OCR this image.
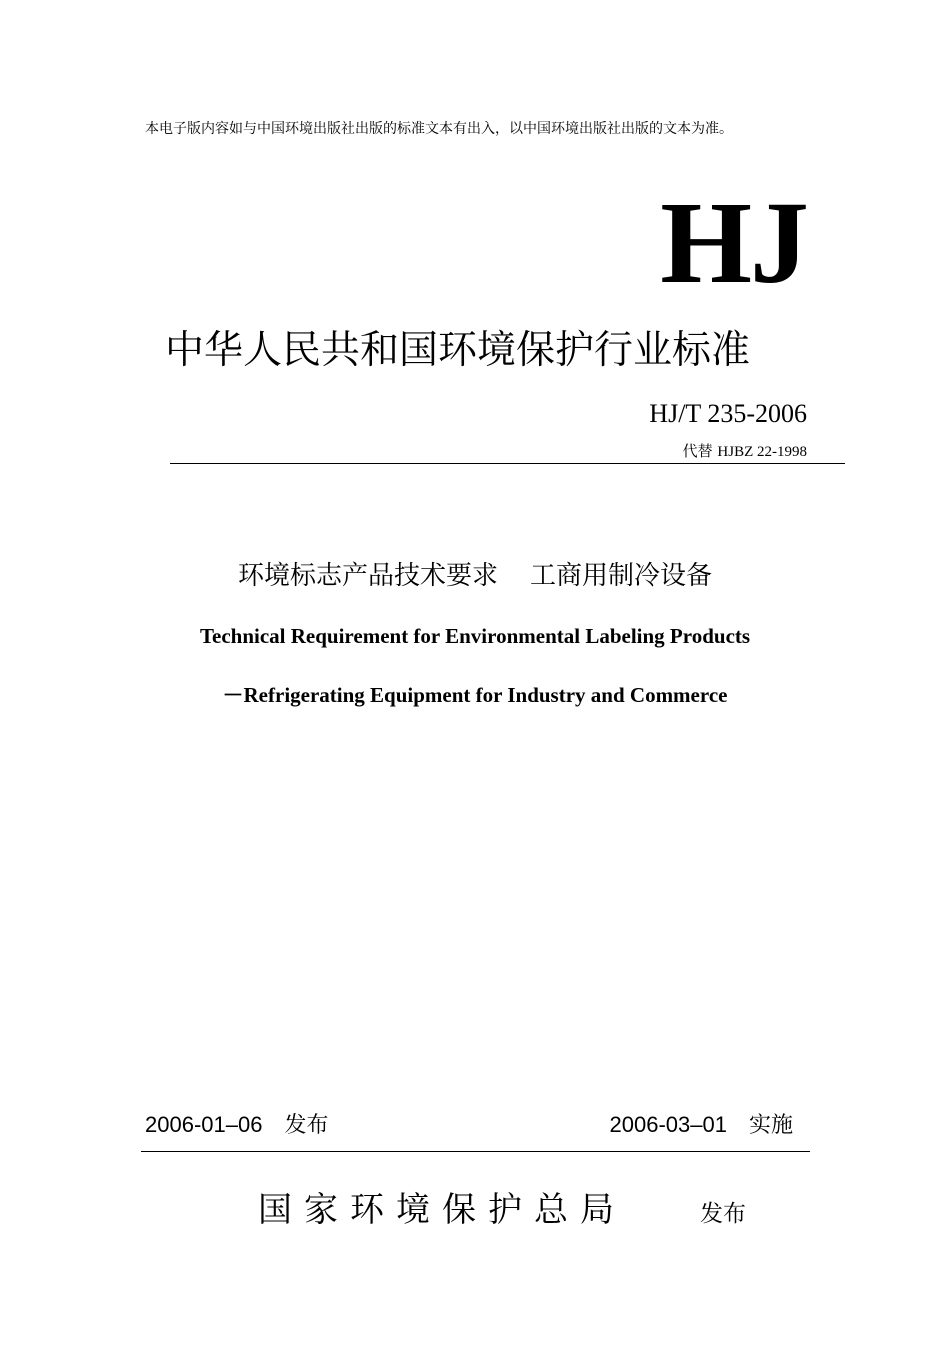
本电子版内容如与中国环境出版社出版的标准文本有出入，以中国环境出版社出版的文本为准。
HJ
中华人民共和国环境保护行业标准
HJ/T 235-2006
代替 HJBZ 22-1998
环境标志产品技术要求 工商用制冷设备
Technical Requirement for Environmental Labeling Products
－Refrigerating Equipment for Industry and Commerce
2006-01–06 发布	2006-03–01 实施
国家环境保护总局	发布
